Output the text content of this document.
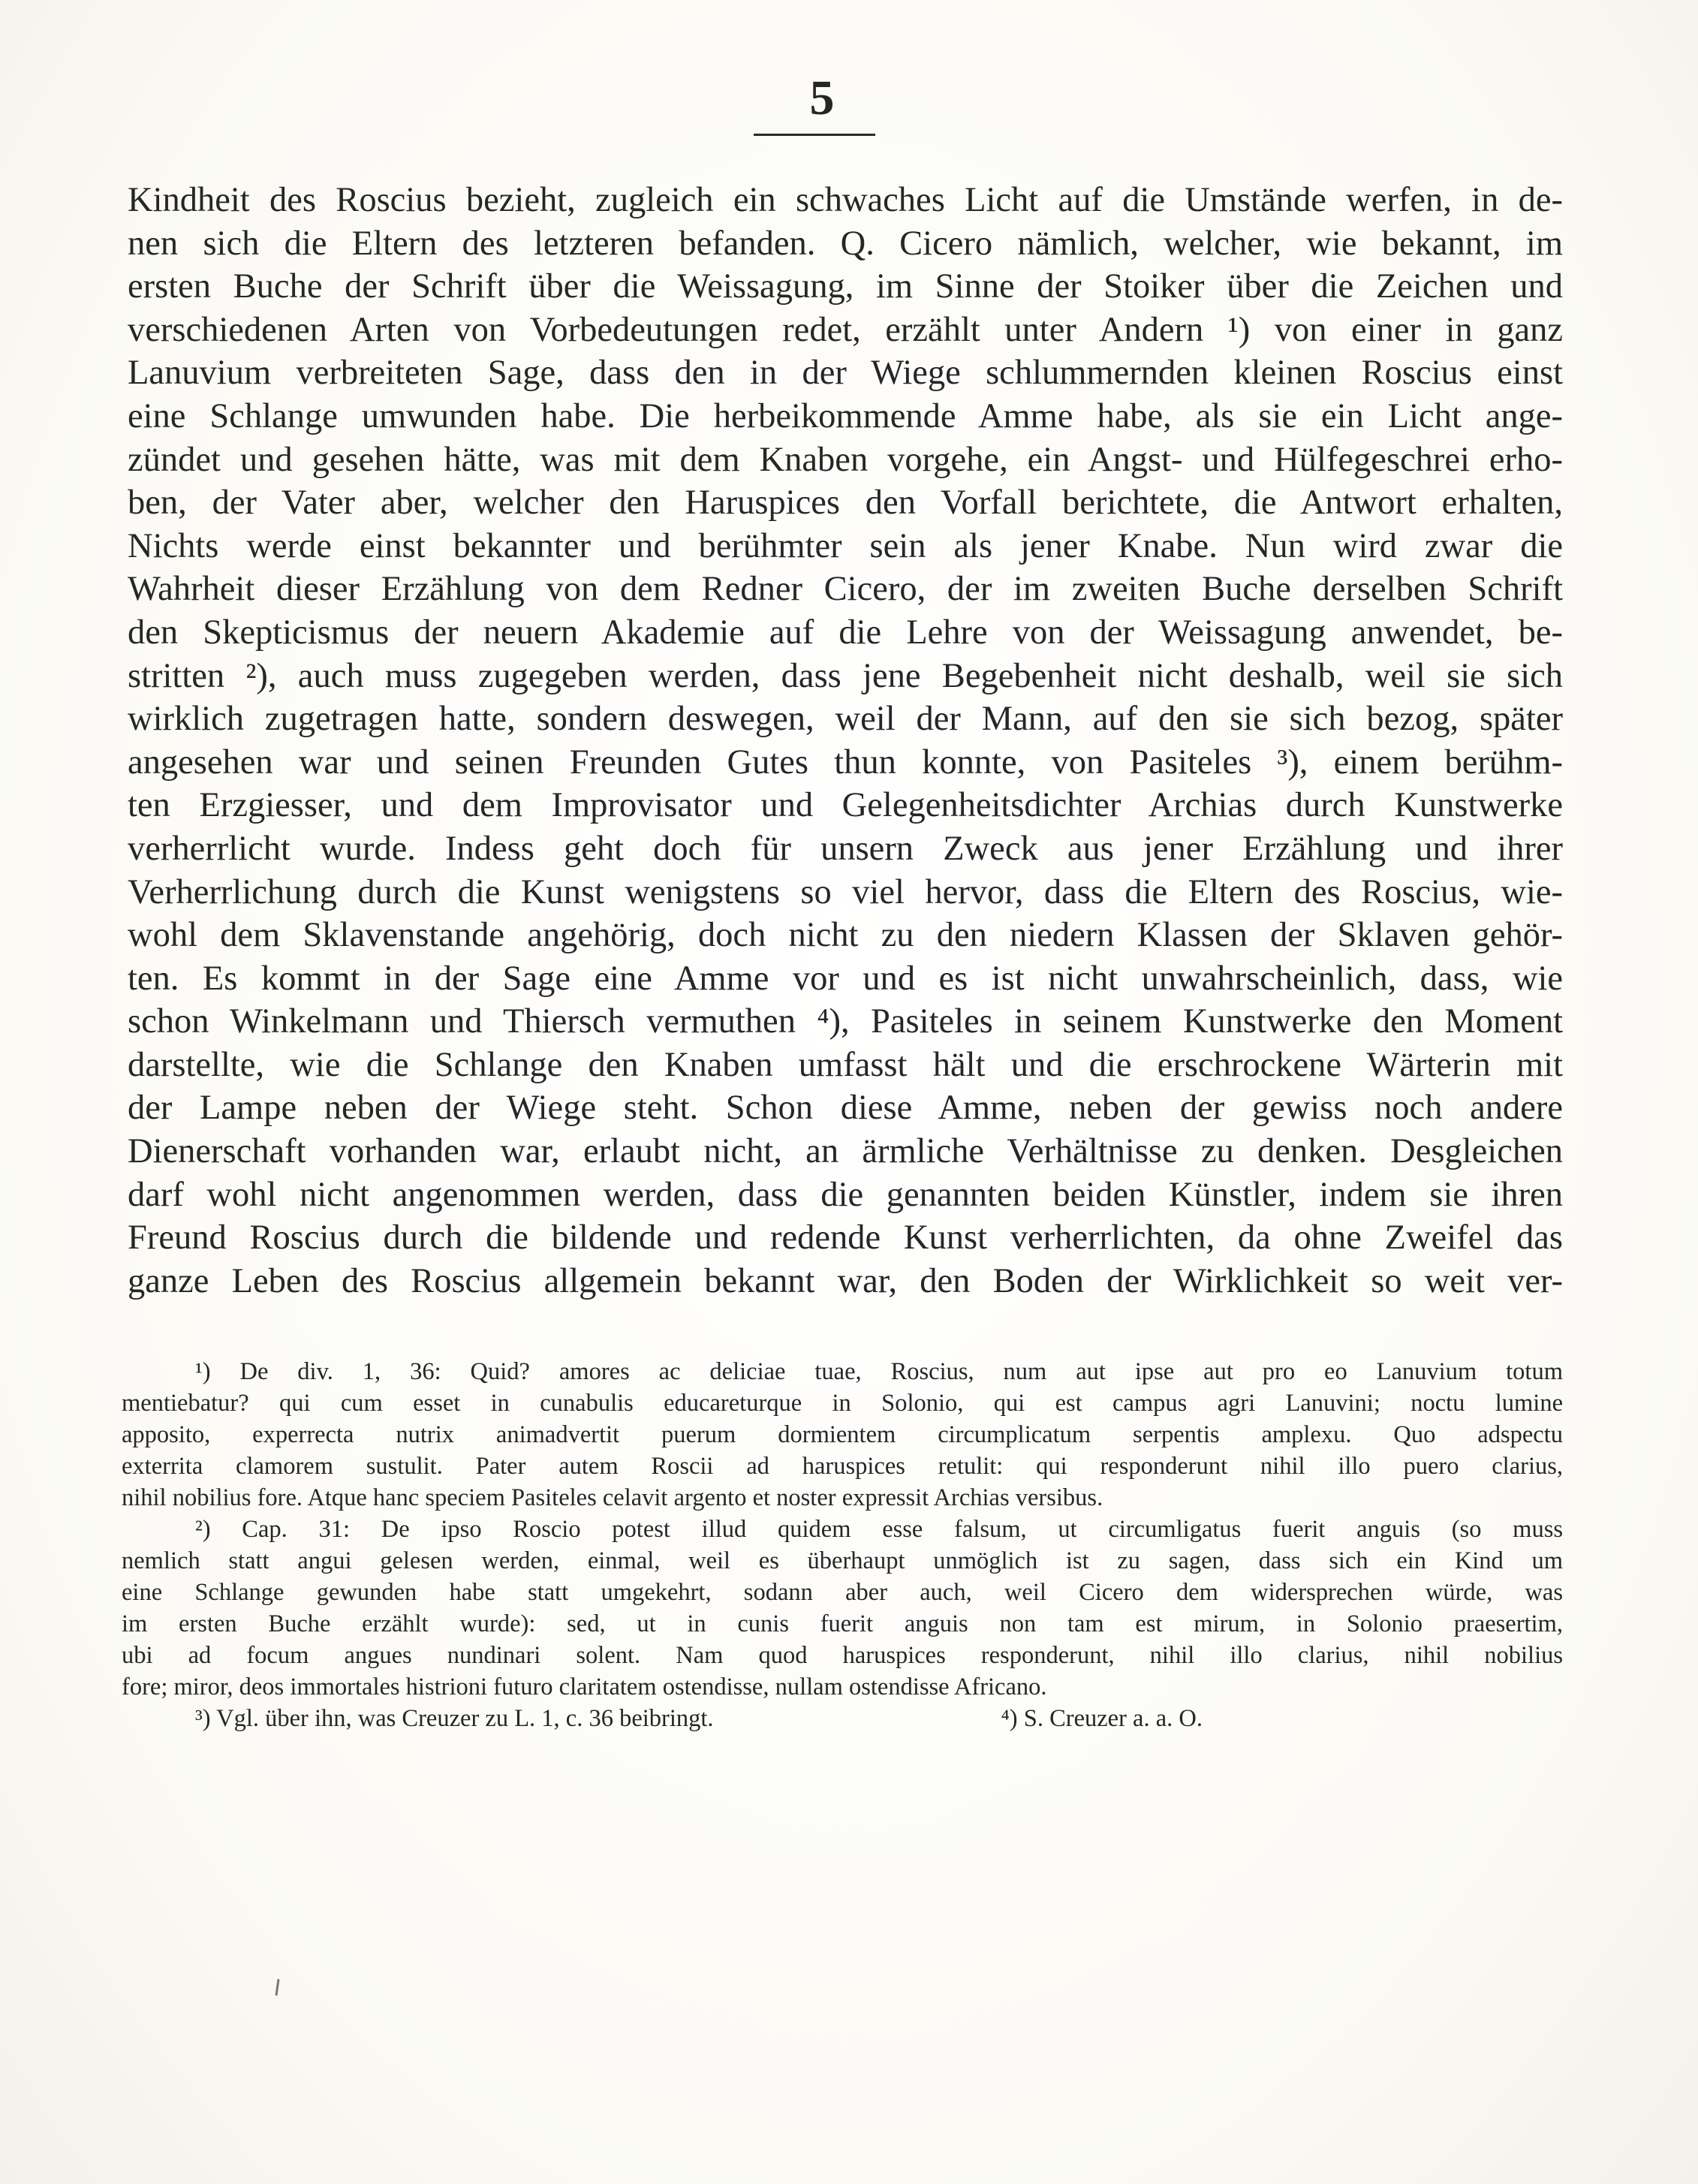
5
Kindheit des Roscius bezieht, zugleich ein schwaches Licht auf die Umstände werfen, in de-
nen sich die Eltern des letzteren befanden. Q. Cicero nämlich, welcher, wie bekannt, im
ersten Buche der Schrift über die Weissagung, im Sinne der Stoiker über die Zeichen und
verschiedenen Arten von Vorbedeutungen redet, erzählt unter Andern ¹) von einer in ganz
Lanuvium verbreiteten Sage, dass den in der Wiege schlummernden kleinen Roscius einst
eine Schlange umwunden habe. Die herbeikommende Amme habe, als sie ein Licht ange-
zündet und gesehen hätte, was mit dem Knaben vorgehe, ein Angst- und Hülfegeschrei erho-
ben, der Vater aber, welcher den Haruspices den Vorfall berichtete, die Antwort erhalten,
Nichts werde einst bekannter und berühmter sein als jener Knabe. Nun wird zwar die
Wahrheit dieser Erzählung von dem Redner Cicero, der im zweiten Buche derselben Schrift
den Skepticismus der neuern Akademie auf die Lehre von der Weissagung anwendet, be-
stritten ²), auch muss zugegeben werden, dass jene Begebenheit nicht deshalb, weil sie sich
wirklich zugetragen hatte, sondern deswegen, weil der Mann, auf den sie sich bezog, später
angesehen war und seinen Freunden Gutes thun konnte, von Pasiteles ³), einem berühm-
ten Erzgiesser, und dem Improvisator und Gelegenheitsdichter Archias durch Kunstwerke
verherrlicht wurde. Indess geht doch für unsern Zweck aus jener Erzählung und ihrer
Verherrlichung durch die Kunst wenigstens so viel hervor, dass die Eltern des Roscius, wie-
wohl dem Sklavenstande angehörig, doch nicht zu den niedern Klassen der Sklaven gehör-
ten. Es kommt in der Sage eine Amme vor und es ist nicht unwahrscheinlich, dass, wie
schon Winkelmann und Thiersch vermuthen ⁴), Pasiteles in seinem Kunstwerke den Moment
darstellte, wie die Schlange den Knaben umfasst hält und die erschrockene Wärterin mit
der Lampe neben der Wiege steht. Schon diese Amme, neben der gewiss noch andere
Dienerschaft vorhanden war, erlaubt nicht, an ärmliche Verhältnisse zu denken. Desgleichen
darf wohl nicht angenommen werden, dass die genannten beiden Künstler, indem sie ihren
Freund Roscius durch die bildende und redende Kunst verherrlichten, da ohne Zweifel das
ganze Leben des Roscius allgemein bekannt war, den Boden der Wirklichkeit so weit ver-
¹) De div. 1, 36: Quid? amores ac deliciae tuae, Roscius, num aut ipse aut pro eo Lanuvium totum
mentiebatur? qui cum esset in cunabulis educareturque in Solonio, qui est campus agri Lanuvini; noctu lumine
apposito, experrecta nutrix animadvertit puerum dormientem circumplicatum serpentis amplexu. Quo adspectu
exterrita clamorem sustulit. Pater autem Roscii ad haruspices retulit: qui responderunt nihil illo puero clarius,
nihil nobilius fore. Atque hanc speciem Pasiteles celavit argento et noster expressit Archias versibus.
²) Cap. 31: De ipso Roscio potest illud quidem esse falsum, ut circumligatus fuerit anguis (so muss
nemlich statt angui gelesen werden, einmal, weil es überhaupt unmöglich ist zu sagen, dass sich ein Kind um
eine Schlange gewunden habe statt umgekehrt, sodann aber auch, weil Cicero dem widersprechen würde, was
im ersten Buche erzählt wurde): sed, ut in cunis fuerit anguis non tam est mirum, in Solonio praesertim,
ubi ad focum angues nundinari solent. Nam quod haruspices responderunt, nihil illo clarius, nihil nobilius
fore; miror, deos immortales histrioni futuro claritatem ostendisse, nullam ostendisse Africano.
³) Vgl. über ihn, was Creuzer zu L. 1, c. 36 beibringt.	⁴) S. Creuzer a. a. O.
